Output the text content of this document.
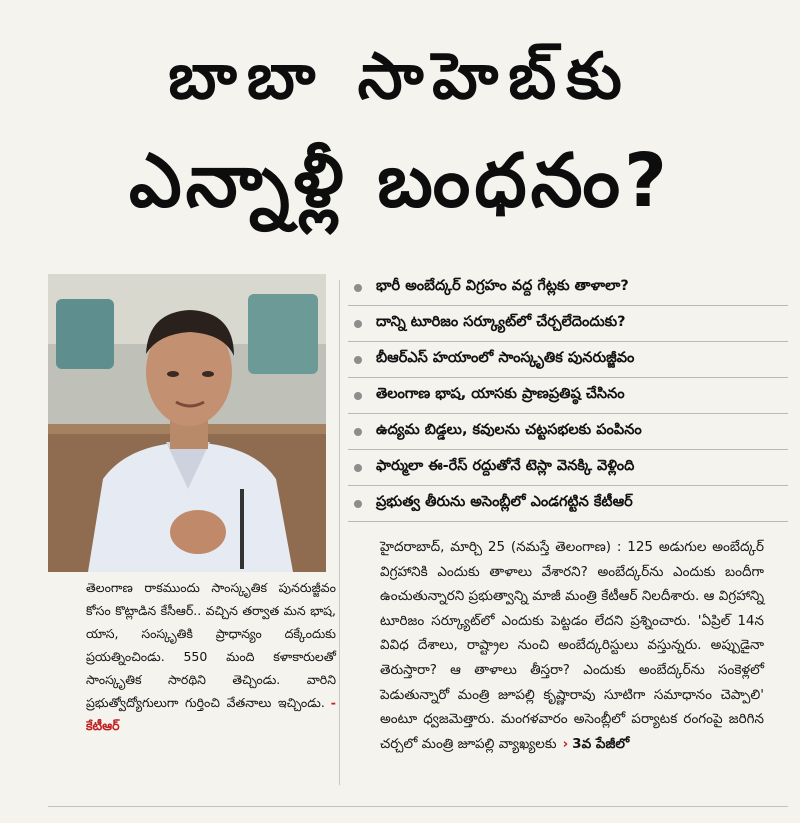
బాబా సాహెబ్‌కు
ఎన్నాళ్లీ బంధనం?
తెలంగాణ రాకముందు సాంస్కృతిక పునరుజ్జీవం కోసం కొట్లాడిన కేసీఆర్.. వచ్చిన తర్వాత మన భాష, యాస, సంస్కృతికి ప్రాధాన్యం దక్కేందుకు ప్రయత్నించిండు. 550 మంది కళాకారులతో సాంస్కృతిక సారథిని తెచ్చిండు. వారిని ప్రభుత్వోద్యోగులుగా గుర్తించి వేతనాలు ఇచ్చిండు. -కేటీఆర్
భారీ అంబేద్కర్ విగ్రహం వద్ద గేట్లకు తాళాలా?
దాన్ని టూరిజం సర్క్యూట్‌లో చేర్చలేదెందుకు?
బీఆర్ఎస్ హయాంలో సాంస్కృతిక పునరుజ్జీవం
తెలంగాణ భాష, యాసకు ప్రాణప్రతిష్ఠ చేసినం
ఉద్యమ బిడ్డలు, కవులను చట్టసభలకు పంపినం
ఫార్ములా ఈ-రేస్ రద్దుతోనే టెస్లా వెనక్కి వెళ్లింది
ప్రభుత్వ తీరును అసెంబ్లీలో ఎండగట్టిన కేటీఆర్
హైదరాబాద్, మార్చి 25 (నమస్తే తెలంగాణ) : 125 అడుగుల అంబేద్కర్ విగ్రహానికి ఎందుకు తాళాలు వేశారని? అంబేద్కర్‌ను ఎందుకు బందీగా ఉంచుతున్నారని ప్రభుత్వాన్ని మాజీ మంత్రి కేటీఆర్ నిలదీశారు. ఆ విగ్రహాన్ని టూరిజం సర్క్యూట్‌లో ఎందుకు పెట్టడం లేదని ప్రశ్నించారు. 'ఏప్రిల్ 14న వివిధ దేశాలు, రాష్ట్రాల నుంచి అంబేద్కరిస్టులు వస్తున్నరు. అప్పుడైనా తెరుస్తారా? ఆ తాళాలు తీస్తరా? ఎందుకు అంబేద్కర్‌ను సంకెళ్లలో పెడుతున్నారో మంత్రి జూపల్లి కృష్ణారావు సూటిగా సమాధానం చెప్పాలి' అంటూ ధ్వజమెత్తారు. మంగళవారం అసెంబ్లీలో పర్యాటక రంగంపై జరిగిన చర్చలో మంత్రి జూపల్లి వ్యాఖ్యలకు › 3వ పేజీలో
